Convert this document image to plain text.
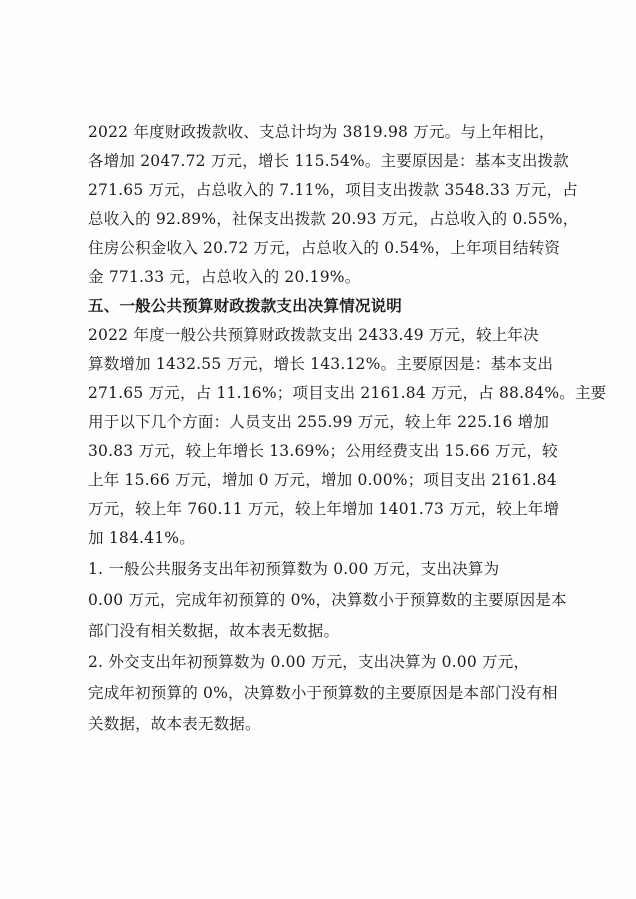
2022 年度财政拨款收、支总计均为 3819.98 万元。与上年相比，
各增加 2047.72 万元，增长 115.54%。主要原因是：基本支出拨款
271.65 万元，占总收入的 7.11%，项目支出拨款 3548.33 万元，占
总收入的 92.89%，社保支出拨款 20.93 万元，占总收入的 0.55%，
住房公积金收入 20.72 万元，占总收入的 0.54%，上年项目结转资
金 771.33 元，占总收入的 20.19%。
五、一般公共预算财政拨款支出决算情况说明
2022 年度一般公共预算财政拨款支出 2433.49 万元，较上年决
算数增加 1432.55 万元，增长 143.12%。主要原因是：基本支出
271.65 万元，占 11.16%；项目支出 2161.84 万元，占 88.84%。主要
用于以下几个方面：人员支出 255.99 万元，较上年 225.16 增加
30.83 万元，较上年增长 13.69%；公用经费支出 15.66 万元，较
上年 15.66 万元，增加 0 万元，增加 0.00%；项目支出 2161.84
万元，较上年 760.11 万元，较上年增加 1401.73 万元，较上年增
加 184.41%。
1. 一般公共服务支出年初预算数为 0.00 万元，支出决算为
0.00 万元，完成年初预算的 0%，决算数小于预算数的主要原因是本
部门没有相关数据，故本表无数据。
2. 外交支出年初预算数为 0.00 万元，支出决算为 0.00 万元，
完成年初预算的 0%，决算数小于预算数的主要原因是本部门没有相
关数据，故本表无数据。
